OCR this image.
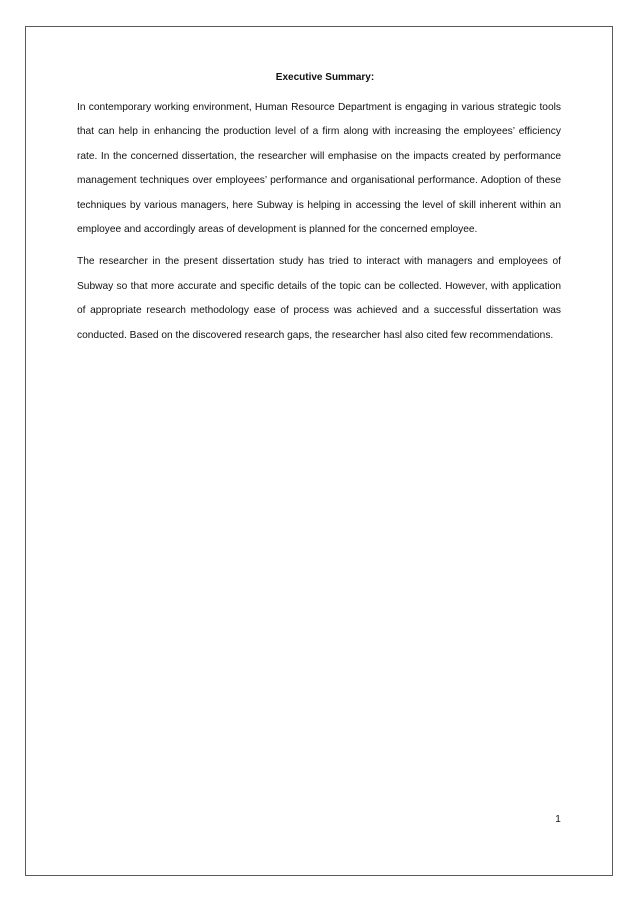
Executive Summary:

In contemporary working environment, Human Resource Department is engaging in various strategic tools that can help in enhancing the production level of a firm along with increasing the employees’ efficiency rate. In the concerned dissertation, the researcher will emphasise on the impacts created by performance management techniques over employees’ performance and organisational performance. Adoption of these techniques by various managers, here Subway is helping in accessing the level of skill inherent within an employee and accordingly areas of development is planned for the concerned employee.

The researcher in the present dissertation study has tried to interact with managers and employees of Subway so that more accurate and specific details of the topic can be collected. However, with application of appropriate research methodology ease of process was achieved and a successful dissertation was conducted. Based on the discovered research gaps, the researcher hasl also cited few recommendations.

1
